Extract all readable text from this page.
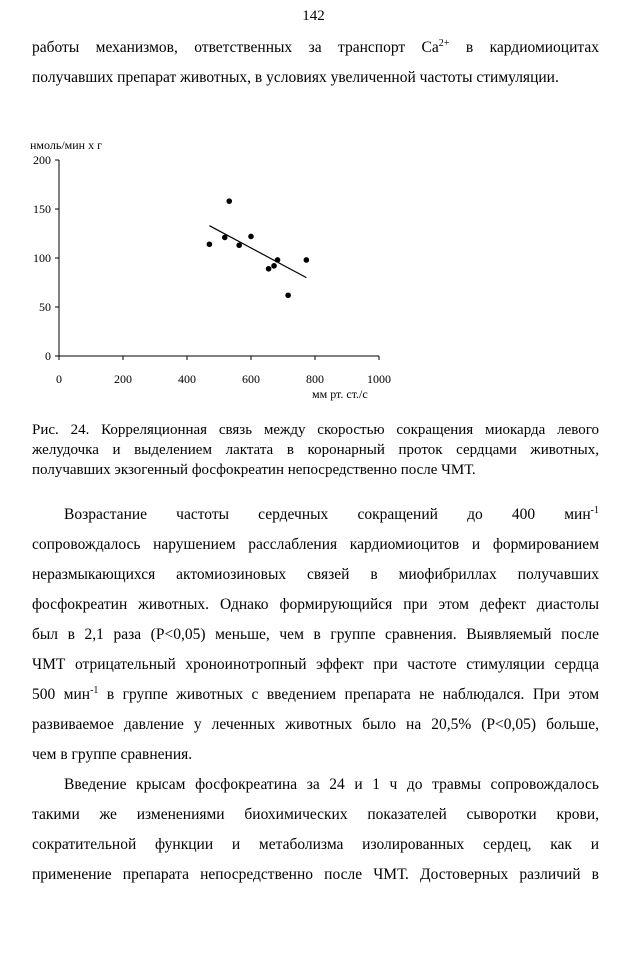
142
работы механизмов, ответственных за транспорт $Ca^{2+}$ в кардиомиоцитах
получавших препарат животных, в условиях увеличенной частоты стимуляции.
0
50
100
150
200
0	200	400	600	800	1000
нмоль/мин х г
мм рт. ст./с
Рис. 24. Корреляционная связь между скоростью сокращения миокарда левого
желудочка и выделением лактата в коронарный проток сердцами животных,
получавших экзогенный фосфокреатин непосредственно после ЧМТ.
Возрастание частоты сердечных сокращений до 400 мин$^{-1}$
сопровождалось нарушением расслабления кардиомиоцитов и формированием
неразмыкающихся актомиозиновых связей в миофибриллах получавших
фосфокреатин животных. Однако формирующийся при этом дефект диастолы
был в 2,1 раза (P<0,05) меньше, чем в группе сравнения. Выявляемый после
ЧМТ отрицательный хроноинотропный эффект при частоте стимуляции сердца
500 мин$^{-1}$ в группе животных с введением препарата не наблюдался. При этом
развиваемое давление у леченных животных было на 20,5% (P<0,05) больше,
чем в группе сравнения.
Введение крысам фосфокреатина за 24 и 1 ч до травмы сопровождалось
такими же изменениями биохимических показателей сыворотки крови,
сократительной функции и метаболизма изолированных сердец, как и
применение препарата непосредственно после ЧМТ. Достоверных различий в
